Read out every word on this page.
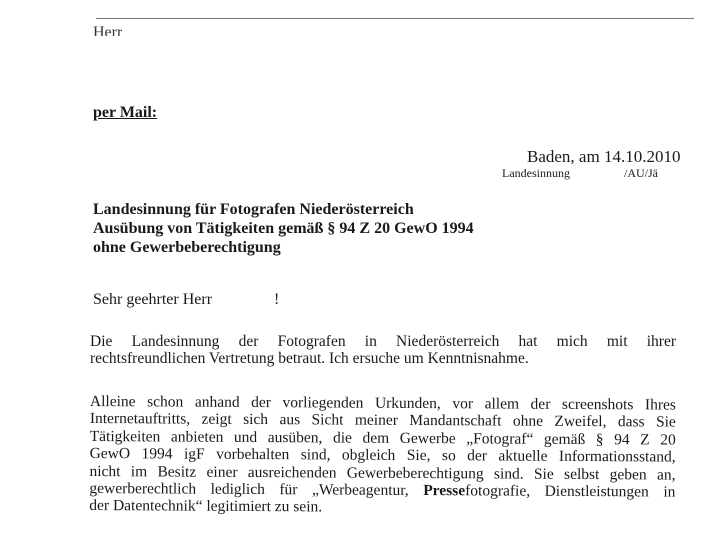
Herr
per Mail:
Baden, am 14.10.2010
Landesinnung	/AU/Jä
Landesinnung für Fotografen Niederösterreich
Ausübung von Tätigkeiten gemäß § 94 Z 20 GewO 1994
ohne Gewerbeberechtigung
Sehr geehrter Herr	!
Die Landesinnung der Fotografen in Niederösterreich hat mich mit ihrer
rechtsfreundlichen Vertretung betraut. Ich ersuche um Kenntnisnahme.
Alleine schon anhand der vorliegenden Urkunden, vor allem der screenshots Ihres
Internetauftritts, zeigt sich aus Sicht meiner Mandantschaft ohne Zweifel, dass Sie
Tätigkeiten anbieten und ausüben, die dem Gewerbe „Fotograf“ gemäß § 94 Z 20
GewO 1994 igF vorbehalten sind, obgleich Sie, so der aktuelle Informationsstand,
nicht im Besitz einer ausreichenden Gewerbeberechtigung sind. Sie selbst geben an,
gewerberechtlich lediglich für „Werbeagentur, Pressefotografie, Dienstleistungen in
der Datentechnik“ legitimiert zu sein.
